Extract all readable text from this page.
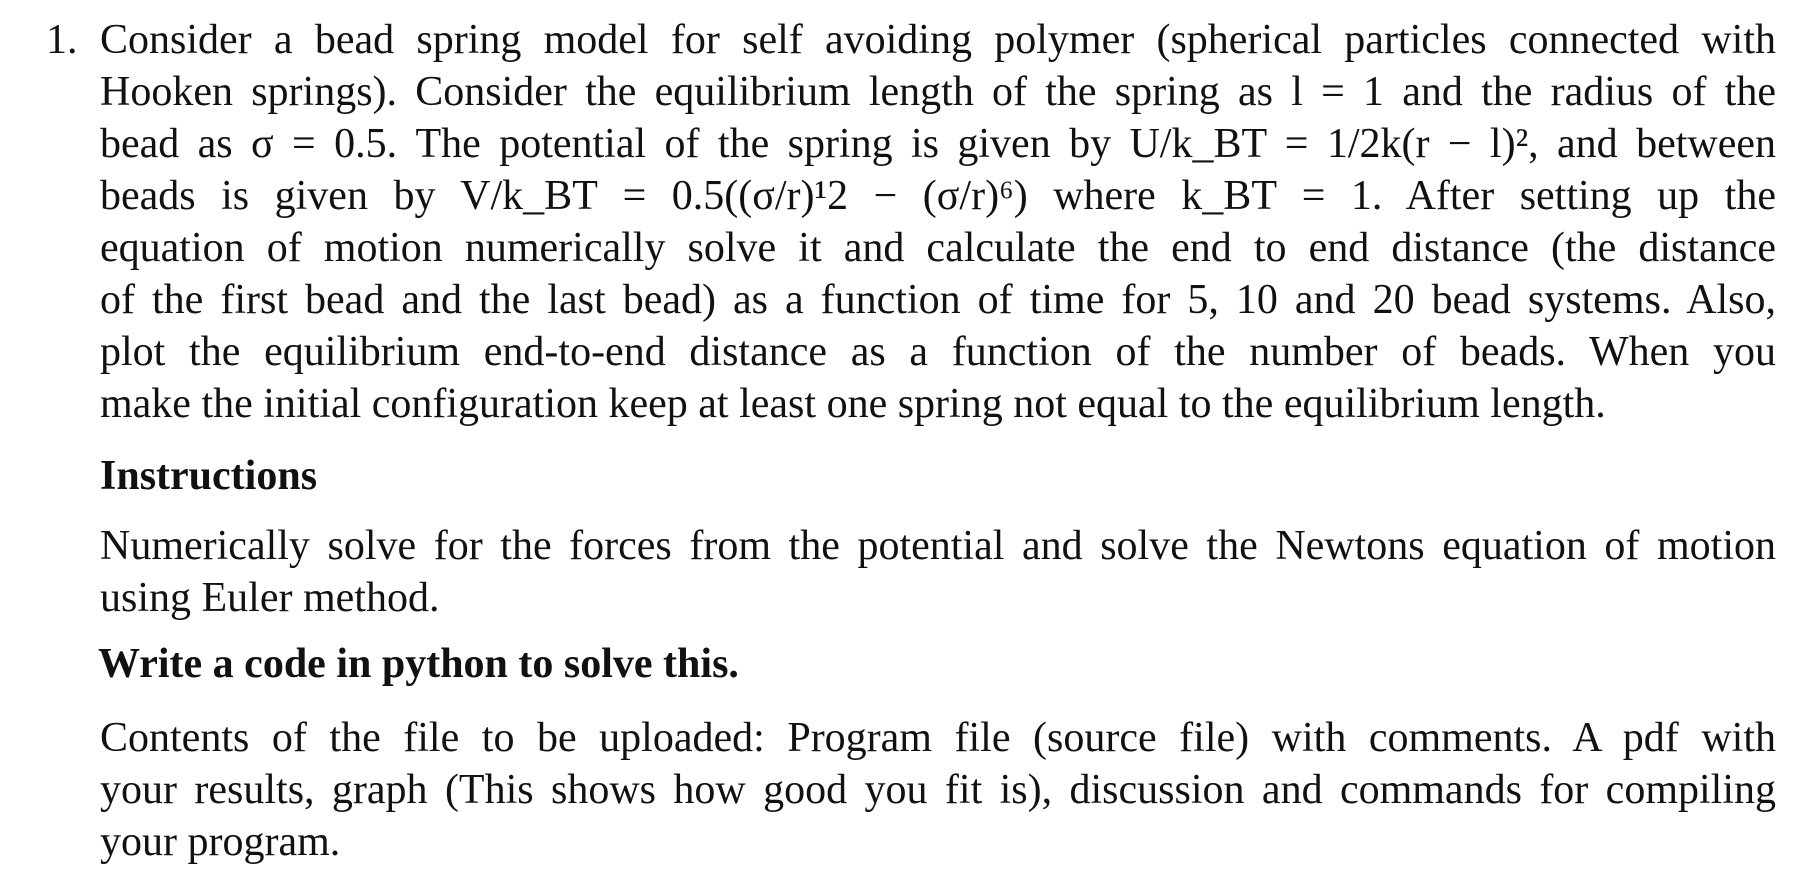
1. Consider a bead spring model for self avoiding polymer (spherical particles connected with
Hooken springs). Consider the equilibrium length of the spring as l = 1 and the radius of the
bead as σ = 0.5. The potential of the spring is given by U/k_BT = 1/2k(r − l)², and between
beads is given by V/k_BT = 0.5((σ/r)¹2 − (σ/r)⁶) where k_BT = 1. After setting up the
equation of motion numerically solve it and calculate the end to end distance (the distance
of the first bead and the last bead) as a function of time for 5, 10 and 20 bead systems. Also,
plot the equilibrium end-to-end distance as a function of the number of beads. When you
make the initial configuration keep at least one spring not equal to the equilibrium length.
Instructions
Numerically solve for the forces from the potential and solve the Newtons equation of motion
using Euler method.
Write a code in python to solve this.
Contents of the file to be uploaded: Program file (source file) with comments. A pdf with
your results, graph (This shows how good you fit is), discussion and commands for compiling
your program.
